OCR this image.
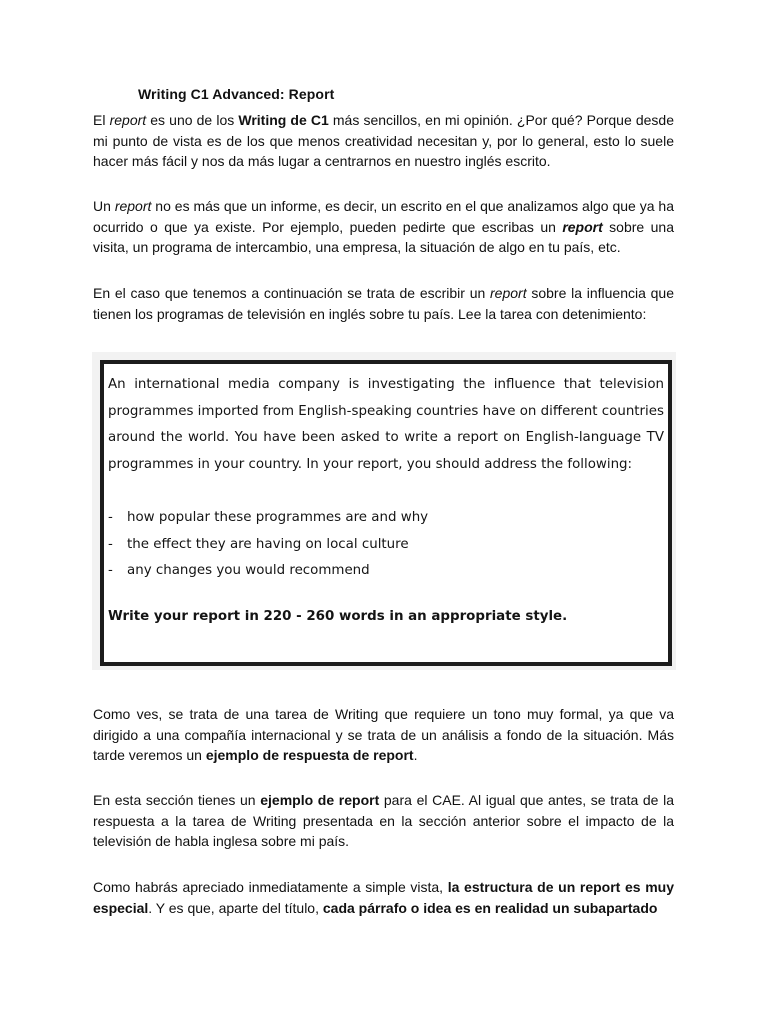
Writing C1 Advanced: Report

El report es uno de los Writing de C1 más sencillos, en mi opinión. ¿Por qué? Porque desde mi punto de vista es de los que menos creatividad necesitan y, por lo general, esto lo suele hacer más fácil y nos da más lugar a centrarnos en nuestro inglés escrito.

Un report no es más que un informe, es decir, un escrito en el que analizamos algo que ya ha ocurrido o que ya existe. Por ejemplo, pueden pedirte que escribas un report sobre una visita, un programa de intercambio, una empresa, la situación de algo en tu país, etc.

En el caso que tenemos a continuación se trata de escribir un report sobre la influencia que tienen los programas de televisión en inglés sobre tu país. Lee la tarea con detenimiento:

An international media company is investigating the influence that television programmes imported from English-speaking countries have on different countries around the world. You have been asked to write a report on English-language TV programmes in your country. In your report, you should address the following:

- how popular these programmes are and why
- the effect they are having on local culture
- any changes you would recommend

Write your report in 220 - 260 words in an appropriate style.

Como ves, se trata de una tarea de Writing que requiere un tono muy formal, ya que va dirigido a una compañía internacional y se trata de un análisis a fondo de la situación. Más tarde veremos un ejemplo de respuesta de report.

En esta sección tienes un ejemplo de report para el CAE. Al igual que antes, se trata de la respuesta a la tarea de Writing presentada en la sección anterior sobre el impacto de la televisión de habla inglesa sobre mi país.

Como habrás apreciado inmediatamente a simple vista, la estructura de un report es muy especial. Y es que, aparte del título, cada párrafo o idea es en realidad un subapartado
